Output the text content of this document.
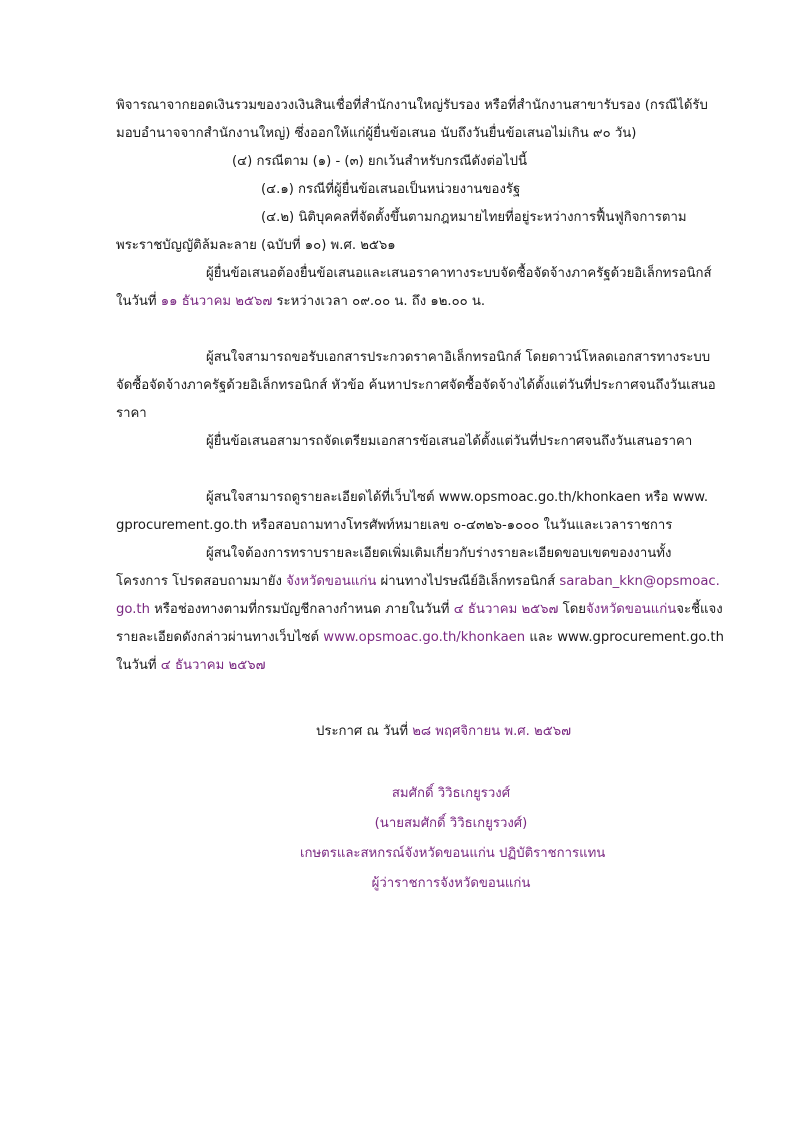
พิจารณาจากยอดเงินรวมของวงเงินสินเชื่อที่สำนักงานใหญ่รับรอง หรือที่สำนักงานสาขารับรอง (กรณีได้รับ
มอบอำนาจจากสำนักงานใหญ่) ซึ่งออกให้แก่ผู้ยื่นข้อเสนอ นับถึงวันยื่นข้อเสนอไม่เกิน ๙๐ วัน)
(๔) กรณีตาม (๑) - (๓) ยกเว้นสำหรับกรณีดังต่อไปนี้
(๔.๑) กรณีที่ผู้ยื่นข้อเสนอเป็นหน่วยงานของรัฐ
(๔.๒) นิติบุคคลที่จัดตั้งขึ้นตามกฎหมายไทยที่อยู่ระหว่างการฟื้นฟูกิจการตาม
พระราชบัญญัติล้มละลาย (ฉบับที่ ๑๐) พ.ศ. ๒๕๖๑
ผู้ยื่นข้อเสนอต้องยื่นข้อเสนอและเสนอราคาทางระบบจัดซื้อจัดจ้างภาครัฐด้วยอิเล็กทรอนิกส์
ในวันที่ ๑๑ ธันวาคม ๒๕๖๗ ระหว่างเวลา ๐๙.๐๐ น. ถึง ๑๒.๐๐ น.
ผู้สนใจสามารถขอรับเอกสารประกวดราคาอิเล็กทรอนิกส์ โดยดาวน์โหลดเอกสารทางระบบ
จัดซื้อจัดจ้างภาครัฐด้วยอิเล็กทรอนิกส์ หัวข้อ ค้นหาประกาศจัดซื้อจัดจ้างได้ตั้งแต่วันที่ประกาศจนถึงวันเสนอ
ราคา
ผู้ยื่นข้อเสนอสามารถจัดเตรียมเอกสารข้อเสนอได้ตั้งแต่วันที่ประกาศจนถึงวันเสนอราคา
ผู้สนใจสามารถดูรายละเอียดได้ที่เว็บไซต์ www.opsmoac.go.th/khonkaen หรือ www.
gprocurement.go.th หรือสอบถามทางโทรศัพท์หมายเลข ๐-๔๓๒๖-๑๐๐๐ ในวันและเวลาราชการ
ผู้สนใจต้องการทราบรายละเอียดเพิ่มเติมเกี่ยวกับร่างรายละเอียดขอบเขตของงานทั้ง
โครงการ โปรดสอบถามมายัง จังหวัดขอนแก่น ผ่านทางไปรษณีย์อิเล็กทรอนิกส์ saraban_kkn@opsmoac.
go.th หรือช่องทางตามที่กรมบัญชีกลางกำหนด ภายในวันที่ ๔ ธันวาคม ๒๕๖๗ โดยจังหวัดขอนแก่นจะชี้แจง
รายละเอียดดังกล่าวผ่านทางเว็บไซต์ www.opsmoac.go.th/khonkaen และ www.gprocurement.go.th
ในวันที่ ๔ ธันวาคม ๒๕๖๗
ประกาศ ณ วันที่ ๒๘ พฤศจิกายน พ.ศ. ๒๕๖๗
สมศักดิ์ วิวิธเกยูรวงศ์
(นายสมศักดิ์ วิวิธเกยูรวงศ์)
เกษตรและสหกรณ์จังหวัดขอนแก่น ปฏิบัติราชการแทน
ผู้ว่าราชการจังหวัดขอนแก่น
